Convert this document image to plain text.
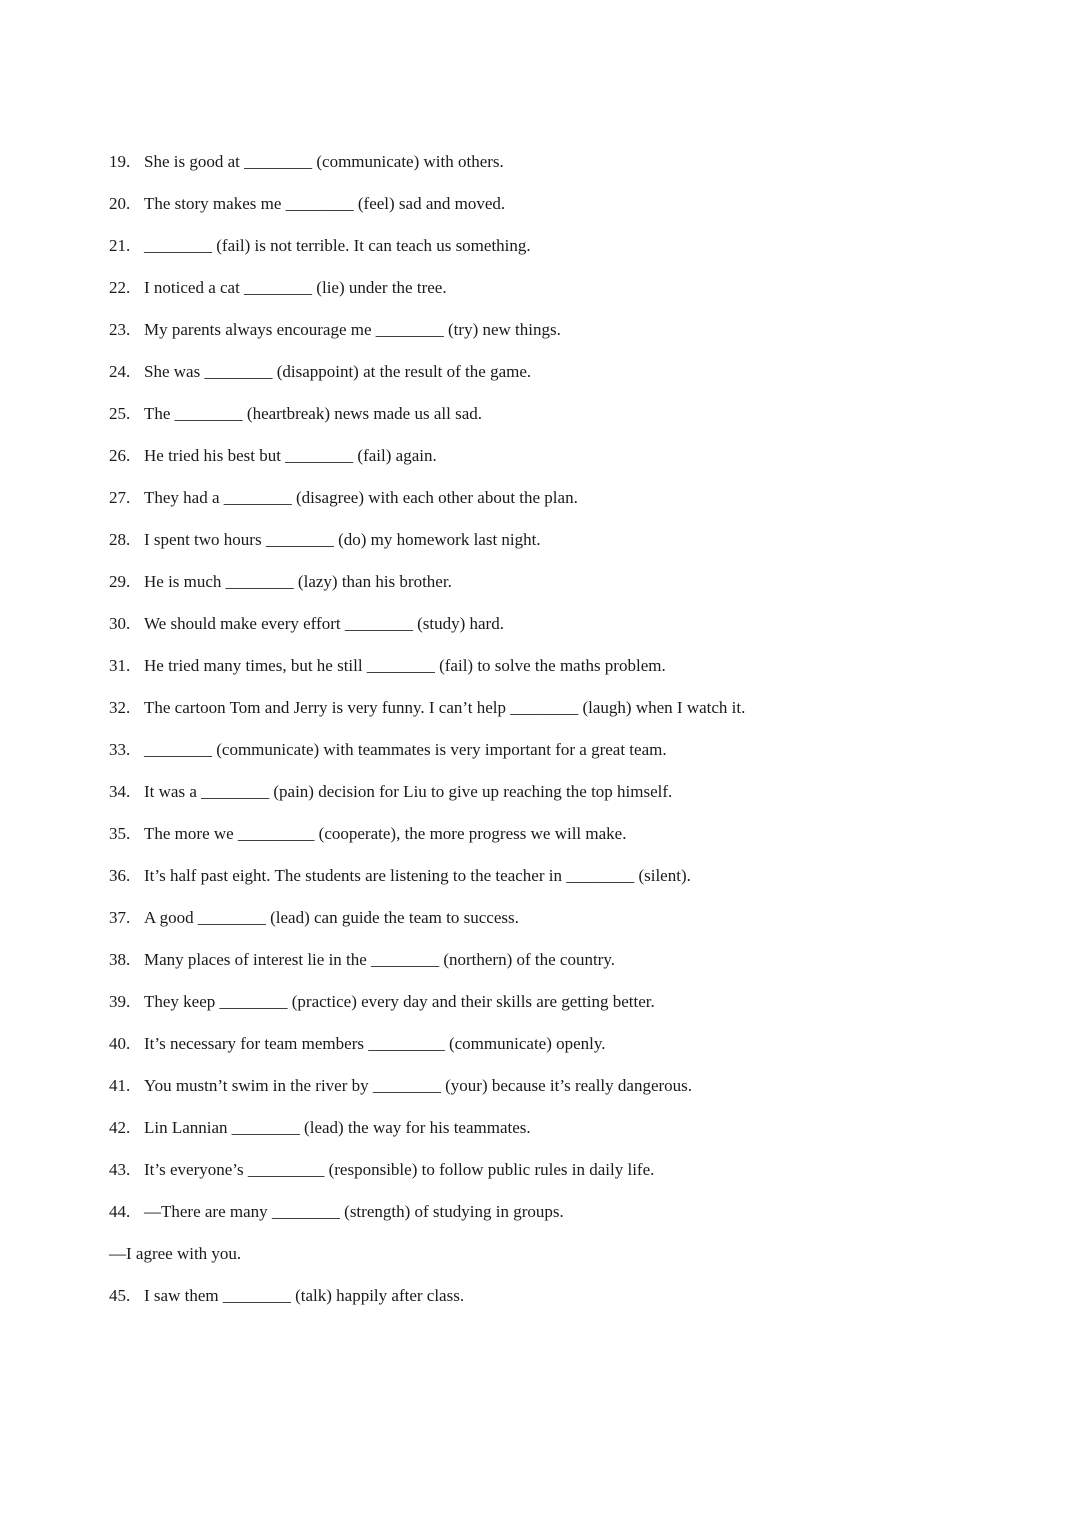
19. She is good at ________ (communicate) with others.
20. The story makes me ________ (feel) sad and moved.
21. ________ (fail) is not terrible. It can teach us something.
22. I noticed a cat ________ (lie) under the tree.
23. My parents always encourage me ________ (try) new things.
24. She was ________ (disappoint) at the result of the game.
25. The ________ (heartbreak) news made us all sad.
26. He tried his best but ________ (fail) again.
27. They had a ________ (disagree) with each other about the plan.
28. I spent two hours ________ (do) my homework last night.
29. He is much ________ (lazy) than his brother.
30. We should make every effort ________ (study) hard.
31. He tried many times, but he still ________ (fail) to solve the maths problem.
32. The cartoon Tom and Jerry is very funny. I can’t help ________ (laugh) when I watch it.
33. ________ (communicate) with teammates is very important for a great team.
34. It was a ________ (pain) decision for Liu to give up reaching the top himself.
35. The more we _________ (cooperate), the more progress we will make.
36. It’s half past eight. The students are listening to the teacher in ________ (silent).
37. A good ________ (lead) can guide the team to success.
38. Many places of interest lie in the ________ (northern) of the country.
39. They keep ________ (practice) every day and their skills are getting better.
40. It’s necessary for team members _________ (communicate) openly.
41. You mustn’t swim in the river by ________ (your) because it’s really dangerous.
42. Lin Lannian ________ (lead) the way for his teammates.
43. It’s everyone’s _________ (responsible) to follow public rules in daily life.
44. —There are many ________ (strength) of studying in groups.
—I agree with you.
45. I saw them ________ (talk) happily after class.
